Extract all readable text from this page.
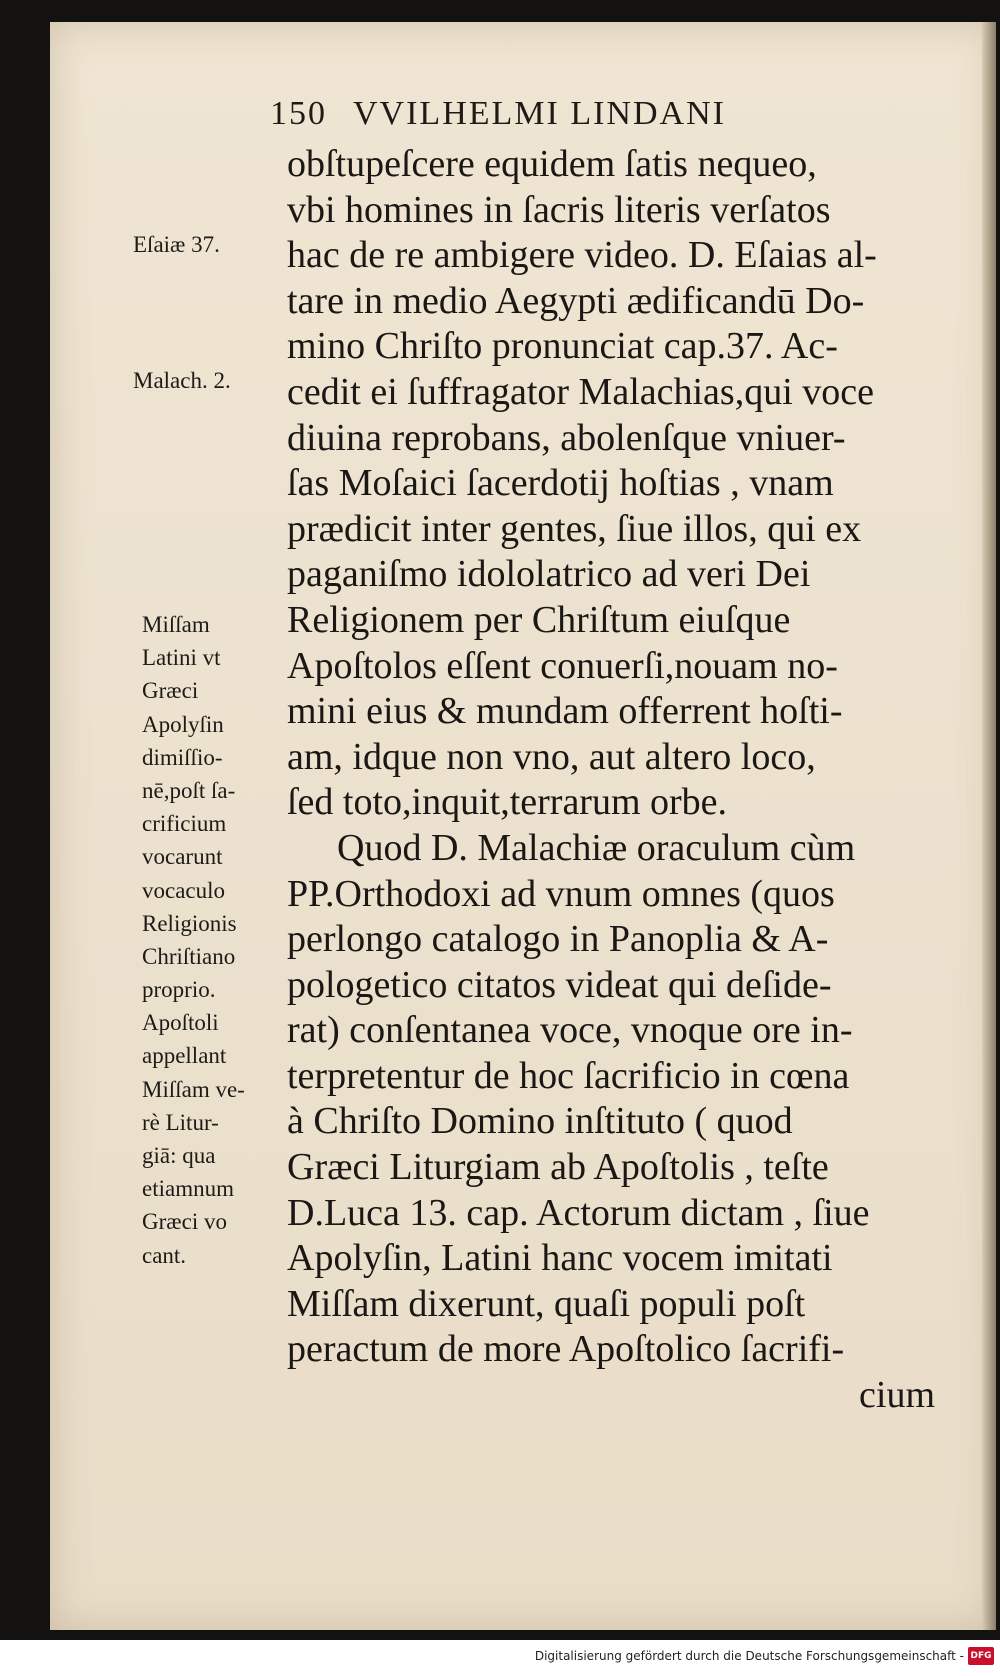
150 VVILHELMI LINDANI
Eſaiæ 37.
Malach. 2.
Miſſam
Latini vt
Græci
Apolyſin
dimiſſio-
nē,poſt ſa-
crificium
vocarunt
vocaculo
Religionis
Chriſtiano
proprio.
Apoſtoli
appellant
Miſſam ve-
rè Litur-
giā: qua
etiamnum
Græci vo
cant.
obſtupeſcere equidem ſatis nequeo,
vbi homines in ſacris literis verſatos
hac de re ambigere video. D. Eſaias al-
tare in medio Aegypti ædificandū Do-
mino Chriſto pronunciat cap.37. Ac-
cedit ei ſuffragator Malachias,qui voce
diuina reprobans, abolenſque vniuer-
ſas Moſaici ſacerdotij hoſtias , vnam
prædicit inter gentes, ſiue illos, qui ex
paganiſmo idololatrico ad veri Dei
Religionem per Chriſtum eiuſque
Apoſtolos eſſent conuerſi,nouam no-
mini eius & mundam offerrent hoſti-
am, idque non vno, aut altero loco,
ſed toto,inquit,terrarum orbe.
Quod D. Malachiæ oraculum cùm
PP.Orthodoxi ad vnum omnes (quos
perlongo catalogo in Panoplia & A-
pologetico citatos videat qui deſide-
rat) conſentanea voce, vnoque ore in-
terpretentur de hoc ſacrificio in cœna
à Chriſto Domino inſtituto ( quod
Græci Liturgiam ab Apoſtolis , teſte
D.Luca 13. cap. Actorum dictam , ſiue
Apolyſin, Latini hanc vocem imitati
Miſſam dixerunt, quaſi populi poſt
peractum de more Apoſtolico ſacrifi-
cium
Digitalisierung gefördert durch die Deutsche Forschungsgemeinschaft - DFG
